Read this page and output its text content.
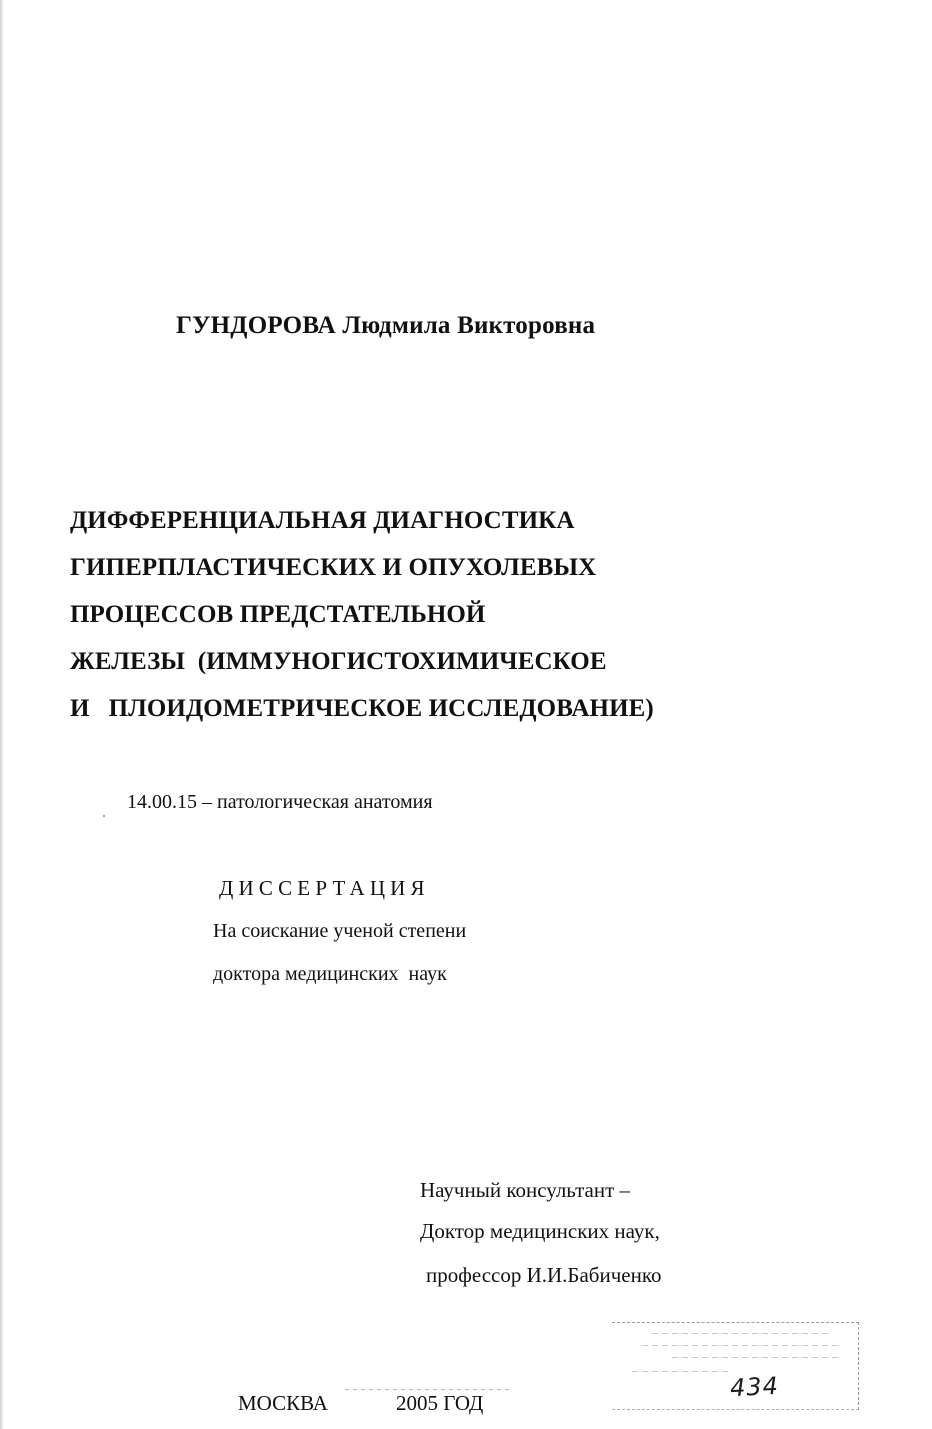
ГУНДОРОВА Людмила Викторовна
ДИФФЕРЕНЦИАЛЬНАЯ ДИАГНОСТИКА
ГИПЕРПЛАСТИЧЕСКИХ И ОПУХОЛЕВЫХ
ПРОЦЕССОВ ПРЕДСТАТЕЛЬНОЙ
ЖЕЛЕЗЫ  (ИММУНОГИСТОХИМИЧЕСКОЕ
И   ПЛОИДОМЕТРИЧЕСКОЕ ИССЛЕДОВАНИЕ)
14.00.15 – патологическая анатомия
ДИССЕРТАЦИЯ
На соискание ученой степени
доктора медицинских  наук
Научный консультант –
Доктор медицинских наук,
профессор И.И.Бабиченко
434
МОСКВА	2005 ГОД
